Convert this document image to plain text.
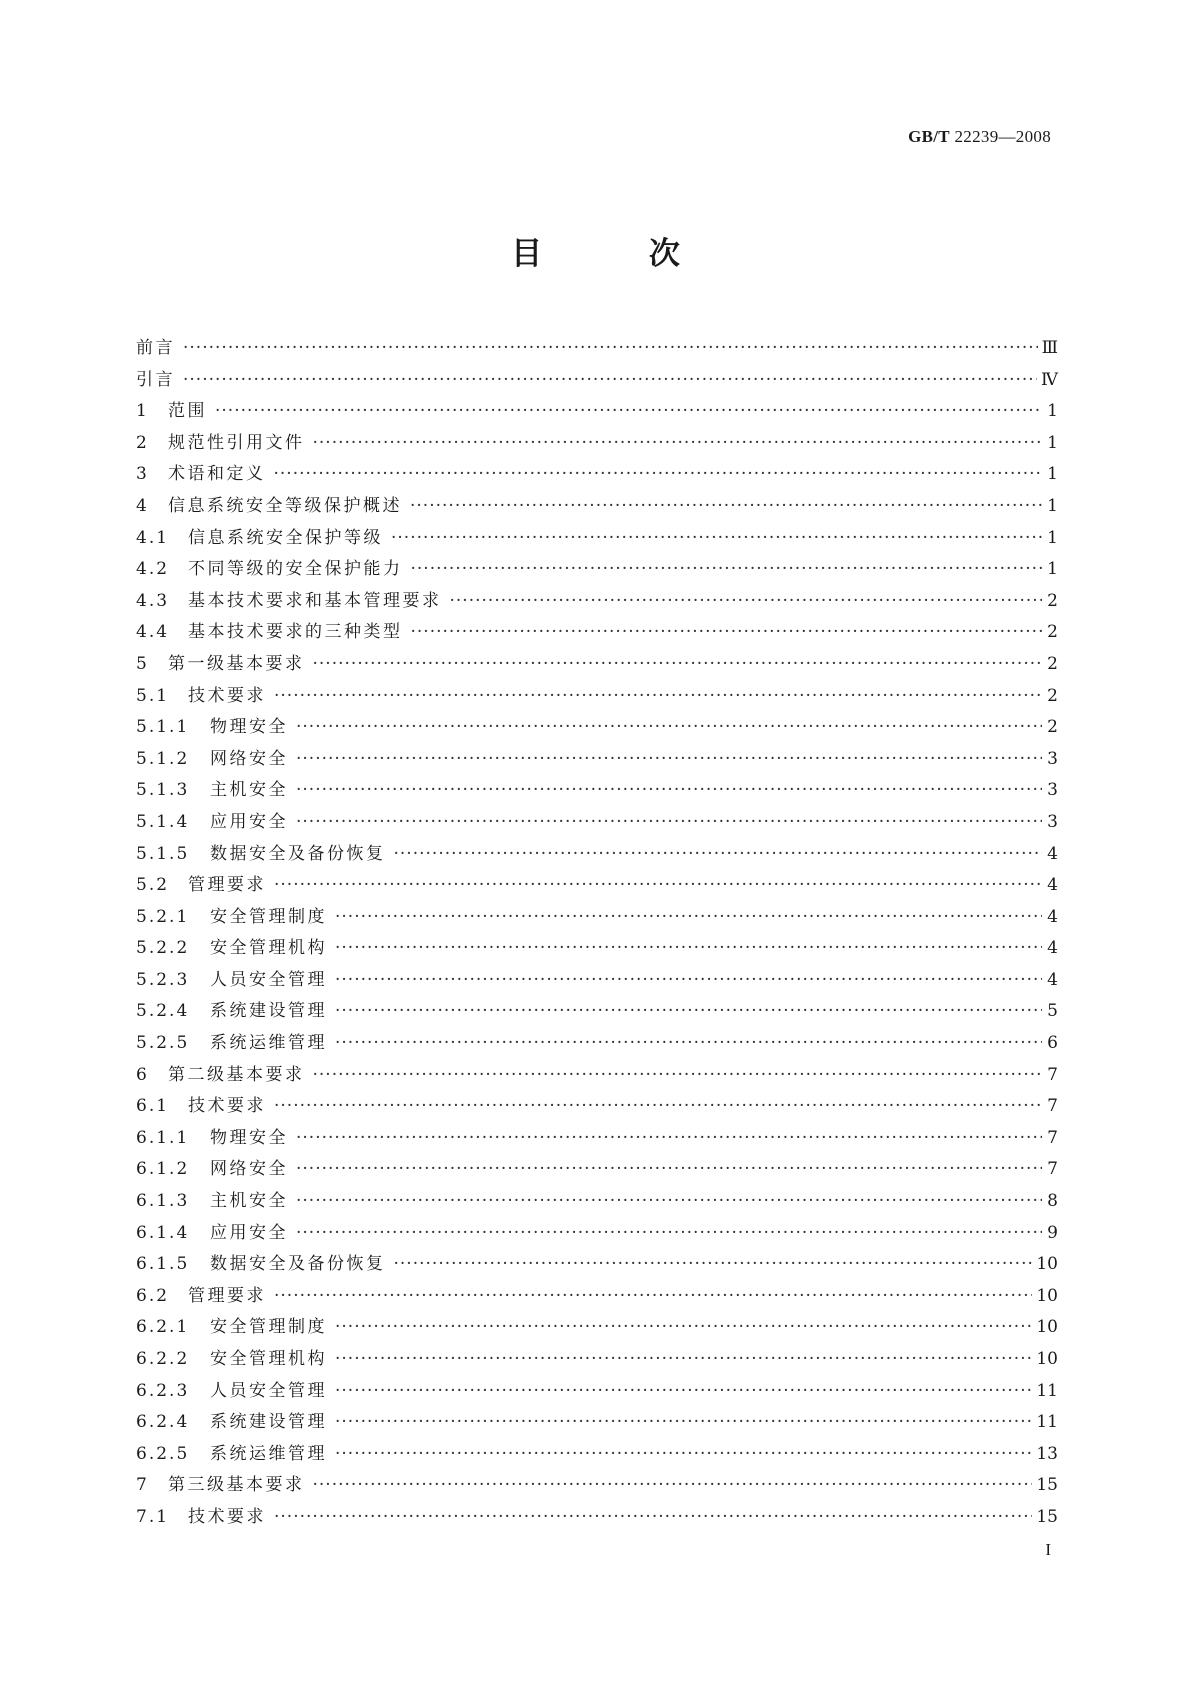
GB/T 22239—2008
目 次
前言 ·····	Ⅲ
引言 ·····	Ⅳ
1	范围 ·····	1
2	规范性引用文件 ·····	1
3	术语和定义 ·····	1
4	信息系统安全等级保护概述 ·····	1
4.1	信息系统安全保护等级 ·····	1
4.2	不同等级的安全保护能力 ·····	1
4.3	基本技术要求和基本管理要求 ·····	2
4.4	基本技术要求的三种类型 ·····	2
5	第一级基本要求 ·····	2
5.1	技术要求 ·····	2
5.1.1	物理安全 ·····	2
5.1.2	网络安全 ·····	3
5.1.3	主机安全 ·····	3
5.1.4	应用安全 ·····	3
5.1.5	数据安全及备份恢复 ·····	4
5.2	管理要求 ·····	4
5.2.1	安全管理制度 ·····	4
5.2.2	安全管理机构 ·····	4
5.2.3	人员安全管理 ·····	4
5.2.4	系统建设管理 ·····	5
5.2.5	系统运维管理 ·····	6
6	第二级基本要求 ·····	7
6.1	技术要求 ·····	7
6.1.1	物理安全 ·····	7
6.1.2	网络安全 ·····	7
6.1.3	主机安全 ·····	8
6.1.4	应用安全 ·····	9
6.1.5	数据安全及备份恢复 ·····	10
6.2	管理要求 ·····	10
6.2.1	安全管理制度 ·····	10
6.2.2	安全管理机构 ·····	10
6.2.3	人员安全管理 ·····	11
6.2.4	系统建设管理 ·····	11
6.2.5	系统运维管理 ·····	13
7	第三级基本要求 ·····	15
7.1	技术要求 ·····	15
I
